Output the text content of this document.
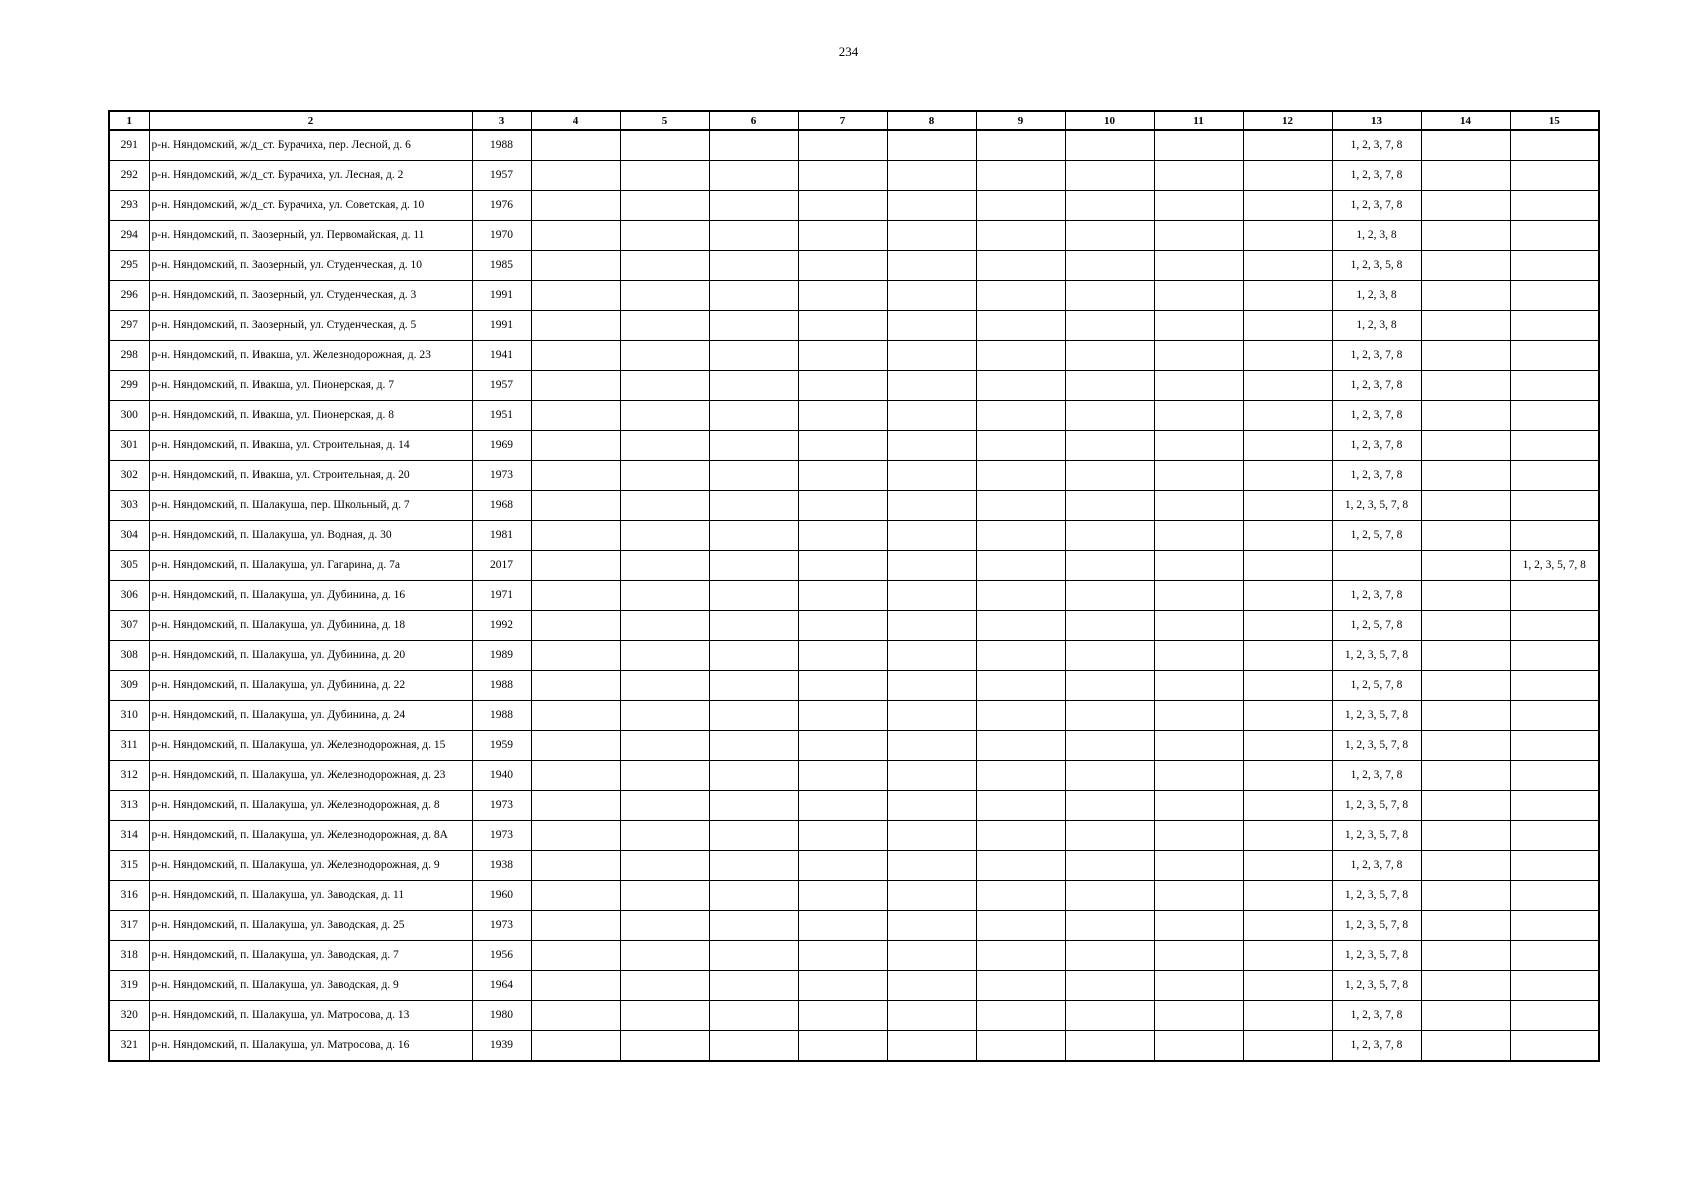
234
1	2	3	4	5	6	7	8	9	10	11	12	13	14	15
291	р-н. Няндомский, ж/д_ст. Бурачиха, пер. Лесной, д. 6	1988										1, 2, 3, 7, 8		
292	р-н. Няндомский, ж/д_ст. Бурачиха, ул. Лесная, д. 2	1957										1, 2, 3, 7, 8		
293	р-н. Няндомский, ж/д_ст. Бурачиха, ул. Советская, д. 10	1976										1, 2, 3, 7, 8		
294	р-н. Няндомский, п. Заозерный, ул. Первомайская, д. 11	1970										1, 2, 3, 8		
295	р-н. Няндомский, п. Заозерный, ул. Студенческая, д. 10	1985										1, 2, 3, 5, 8		
296	р-н. Няндомский, п. Заозерный, ул. Студенческая, д. 3	1991										1, 2, 3, 8		
297	р-н. Няндомский, п. Заозерный, ул. Студенческая, д. 5	1991										1, 2, 3, 8		
298	р-н. Няндомский, п. Ивакша, ул. Железнодорожная, д. 23	1941										1, 2, 3, 7, 8		
299	р-н. Няндомский, п. Ивакша, ул. Пионерская, д. 7	1957										1, 2, 3, 7, 8		
300	р-н. Няндомский, п. Ивакша, ул. Пионерская, д. 8	1951										1, 2, 3, 7, 8		
301	р-н. Няндомский, п. Ивакша, ул. Строительная, д. 14	1969										1, 2, 3, 7, 8		
302	р-н. Няндомский, п. Ивакша, ул. Строительная, д. 20	1973										1, 2, 3, 7, 8		
303	р-н. Няндомский, п. Шалакуша, пер. Школьный, д. 7	1968										1, 2, 3, 5, 7, 8		
304	р-н. Няндомский, п. Шалакуша, ул. Водная, д. 30	1981										1, 2, 5, 7, 8		
305	р-н. Няндомский, п. Шалакуша, ул. Гагарина, д. 7а	2017												1, 2, 3, 5, 7, 8
306	р-н. Няндомский, п. Шалакуша, ул. Дубинина, д. 16	1971										1, 2, 3, 7, 8		
307	р-н. Няндомский, п. Шалакуша, ул. Дубинина, д. 18	1992										1, 2, 5, 7, 8		
308	р-н. Няндомский, п. Шалакуша, ул. Дубинина, д. 20	1989										1, 2, 3, 5, 7, 8		
309	р-н. Няндомский, п. Шалакуша, ул. Дубинина, д. 22	1988										1, 2, 5, 7, 8		
310	р-н. Няндомский, п. Шалакуша, ул. Дубинина, д. 24	1988										1, 2, 3, 5, 7, 8		
311	р-н. Няндомский, п. Шалакуша, ул. Железнодорожная, д. 15	1959										1, 2, 3, 5, 7, 8		
312	р-н. Няндомский, п. Шалакуша, ул. Железнодорожная, д. 23	1940										1, 2, 3, 7, 8		
313	р-н. Няндомский, п. Шалакуша, ул. Железнодорожная, д. 8	1973										1, 2, 3, 5, 7, 8		
314	р-н. Няндомский, п. Шалакуша, ул. Железнодорожная, д. 8А	1973										1, 2, 3, 5, 7, 8		
315	р-н. Няндомский, п. Шалакуша, ул. Железнодорожная, д. 9	1938										1, 2, 3, 7, 8		
316	р-н. Няндомский, п. Шалакуша, ул. Заводская, д. 11	1960										1, 2, 3, 5, 7, 8		
317	р-н. Няндомский, п. Шалакуша, ул. Заводская, д. 25	1973										1, 2, 3, 5, 7, 8		
318	р-н. Няндомский, п. Шалакуша, ул. Заводская, д. 7	1956										1, 2, 3, 5, 7, 8		
319	р-н. Няндомский, п. Шалакуша, ул. Заводская, д. 9	1964										1, 2, 3, 5, 7, 8		
320	р-н. Няндомский, п. Шалакуша, ул. Матросова, д. 13	1980										1, 2, 3, 7, 8		
321	р-н. Няндомский, п. Шалакуша, ул. Матросова, д. 16	1939										1, 2, 3, 7, 8		
